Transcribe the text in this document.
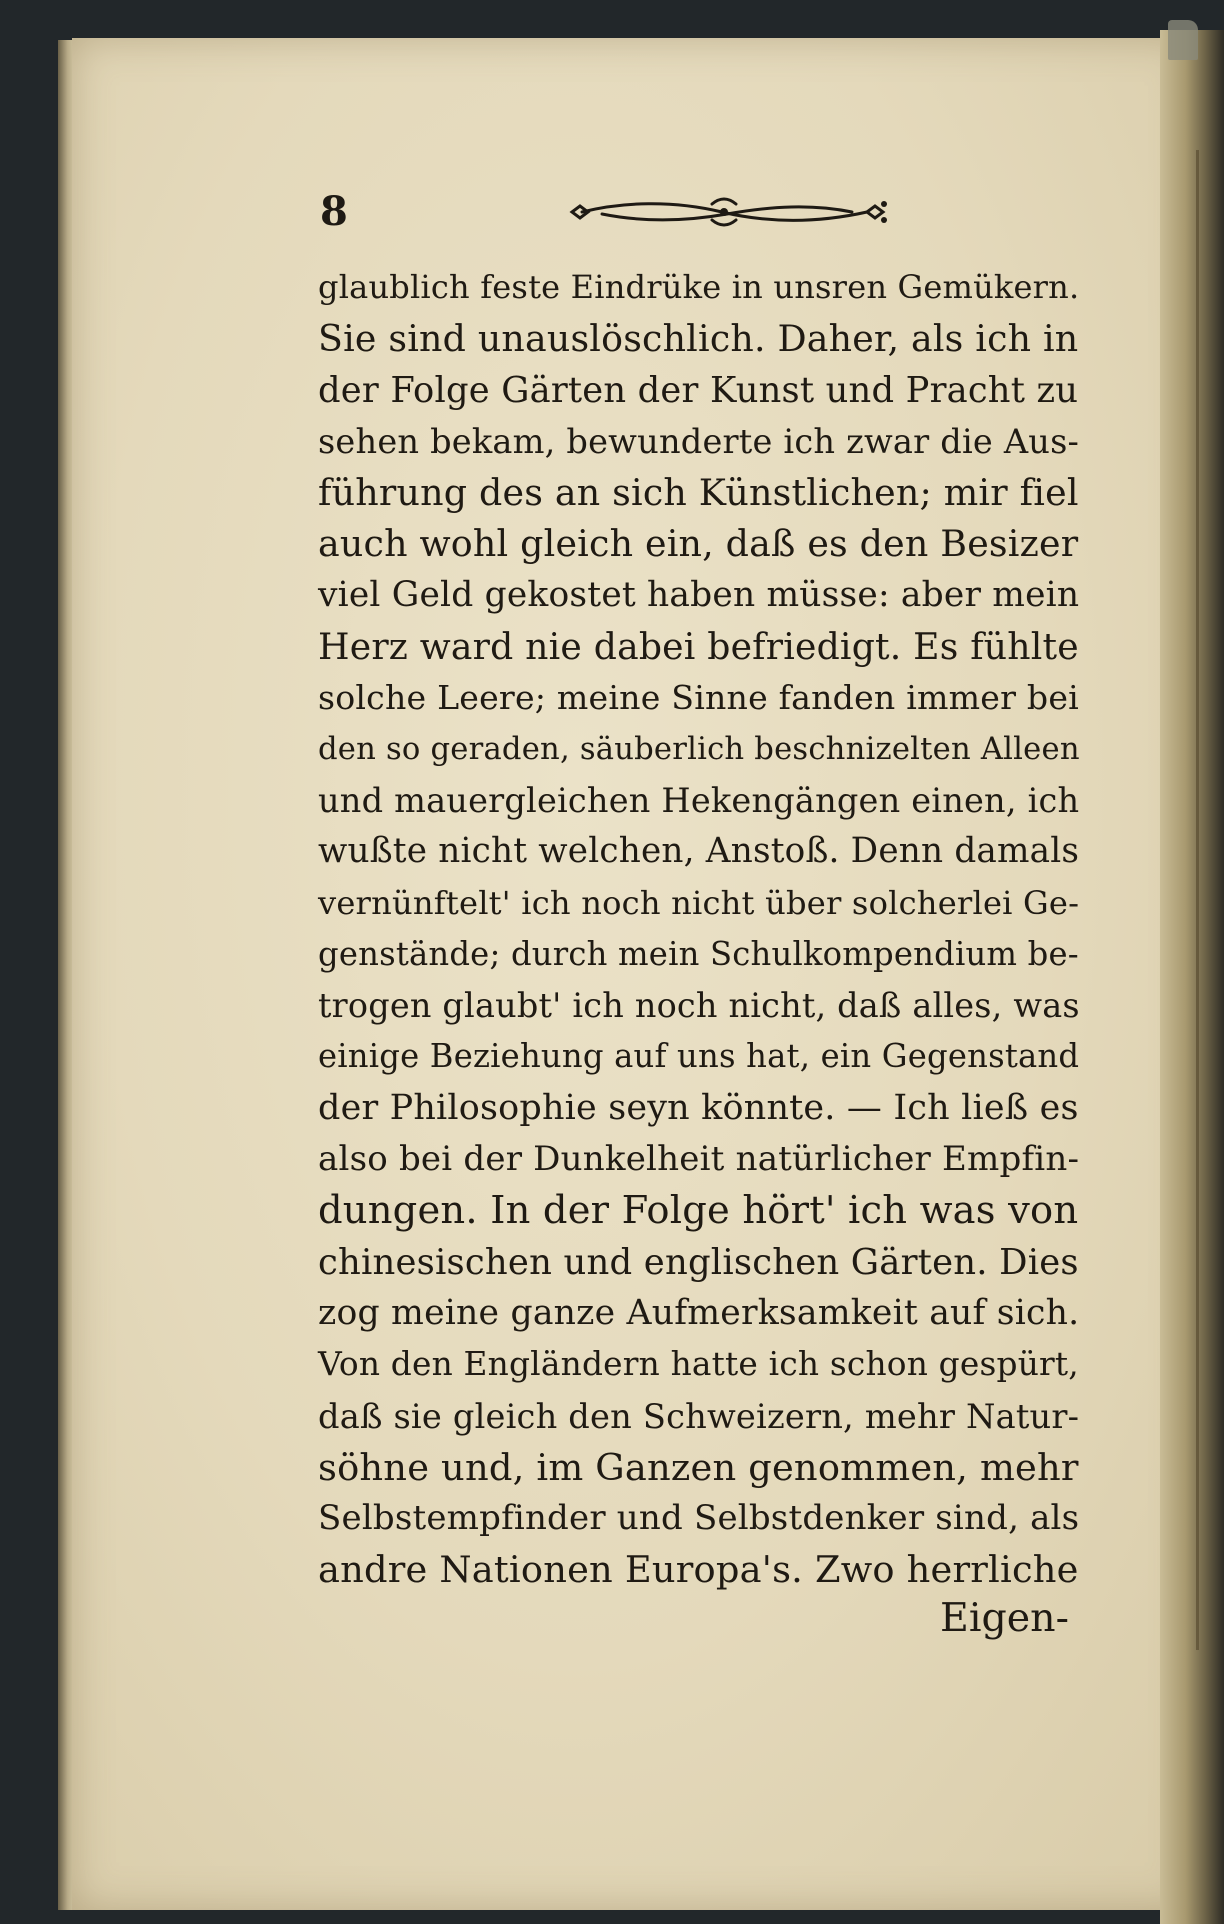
8
glaublich feste Eindrüke in unsren Gemükern.
Sie sind unauslöschlich. Daher, als ich in
der Folge Gärten der Kunst und Pracht zu
sehen bekam, bewunderte ich zwar die Aus-
führung des an sich Künstlichen; mir fiel
auch wohl gleich ein, daß es den Besizer
viel Geld gekostet haben müsse: aber mein
Herz ward nie dabei befriedigt. Es fühlte
solche Leere; meine Sinne fanden immer bei
den so geraden, säuberlich beschnizelten Alleen
und mauergleichen Hekengängen einen, ich
wußte nicht welchen, Anstoß. Denn damals
vernünftelt' ich noch nicht über solcherlei Ge-
genstände; durch mein Schulkompendium be-
trogen glaubt' ich noch nicht, daß alles, was
einige Beziehung auf uns hat, ein Gegenstand
der Philosophie seyn könnte. — Ich ließ es
also bei der Dunkelheit natürlicher Empfin-
dungen. In der Folge hört' ich was von
chinesischen und englischen Gärten. Dies
zog meine ganze Aufmerksamkeit auf sich.
Von den Engländern hatte ich schon gespürt,
daß sie gleich den Schweizern, mehr Natur-
söhne und, im Ganzen genommen, mehr
Selbstempfinder und Selbstdenker sind, als
andre Nationen Europa's. Zwo herrliche
Eigen-
